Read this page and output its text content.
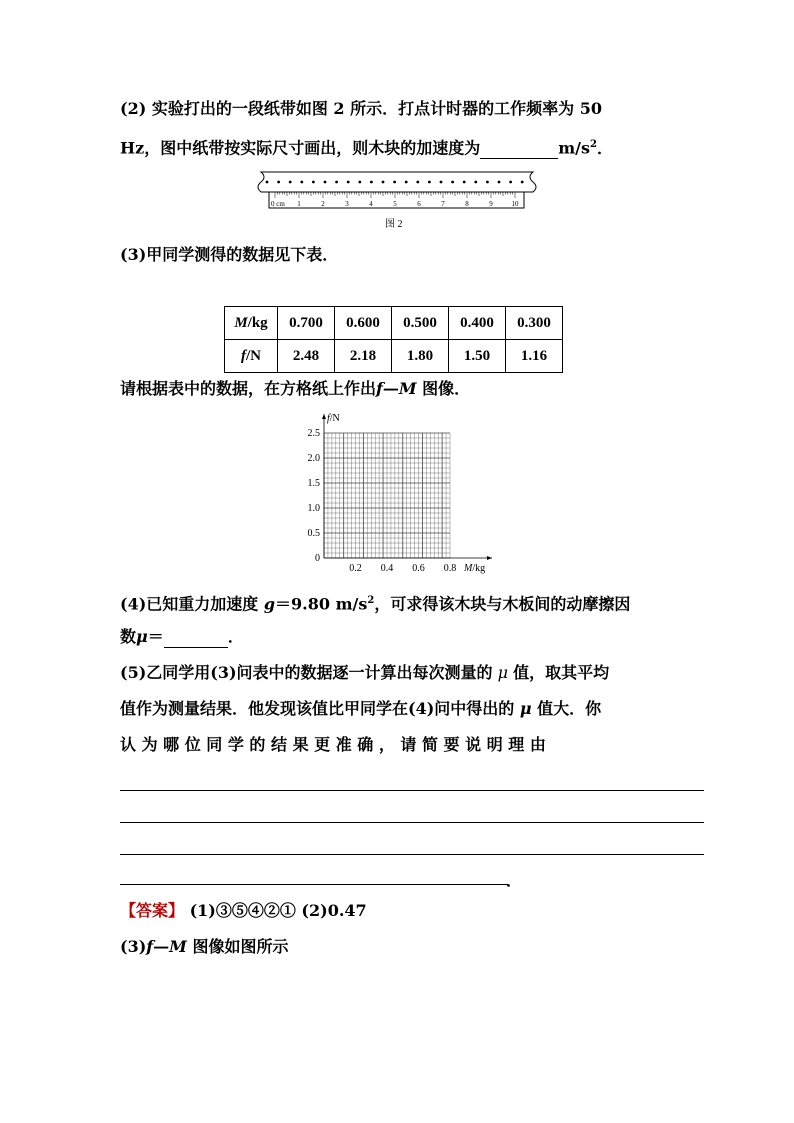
(2) 实验打出的一段纸带如图 2 所示．打点计时器的工作频率为 50
Hz，图中纸带按实际尺寸画出，则木块的加速度为	$m/s^2$．
0 cm 1	2	3	4	5	6	7	8	9	10
图 2
(3)甲同学测得的数据见下表．
M/kg	0.700	0.600	0.500	0.400	0.300
f/N	2.48	2.18	1.80	1.50	1.16
请根据表中的数据，在方格纸上作出f—M 图像．
0
0.5
1.0
1.5
2.0
2.5
0.2 0.4 0.6 0.8
f/N
M/kg
(4)已知重力加速度 g＝9.80 $m/s^2$，可求得该木块与木板间的动摩擦因
数μ＝	．
(5)乙同学用(3)问表中的数据逐一计算出每次测量的 μ 值，取其平均
值作为测量结果．他发现该值比甲同学在(4)问中得出的 μ 值大．你
认 为 哪 位 同 学 的 结 果 更 准 确 ， 请 简 要 说 明 理 由
．
【答案】 (1)③⑤④②① (2)0.47
(3)f—M 图像如图所示
